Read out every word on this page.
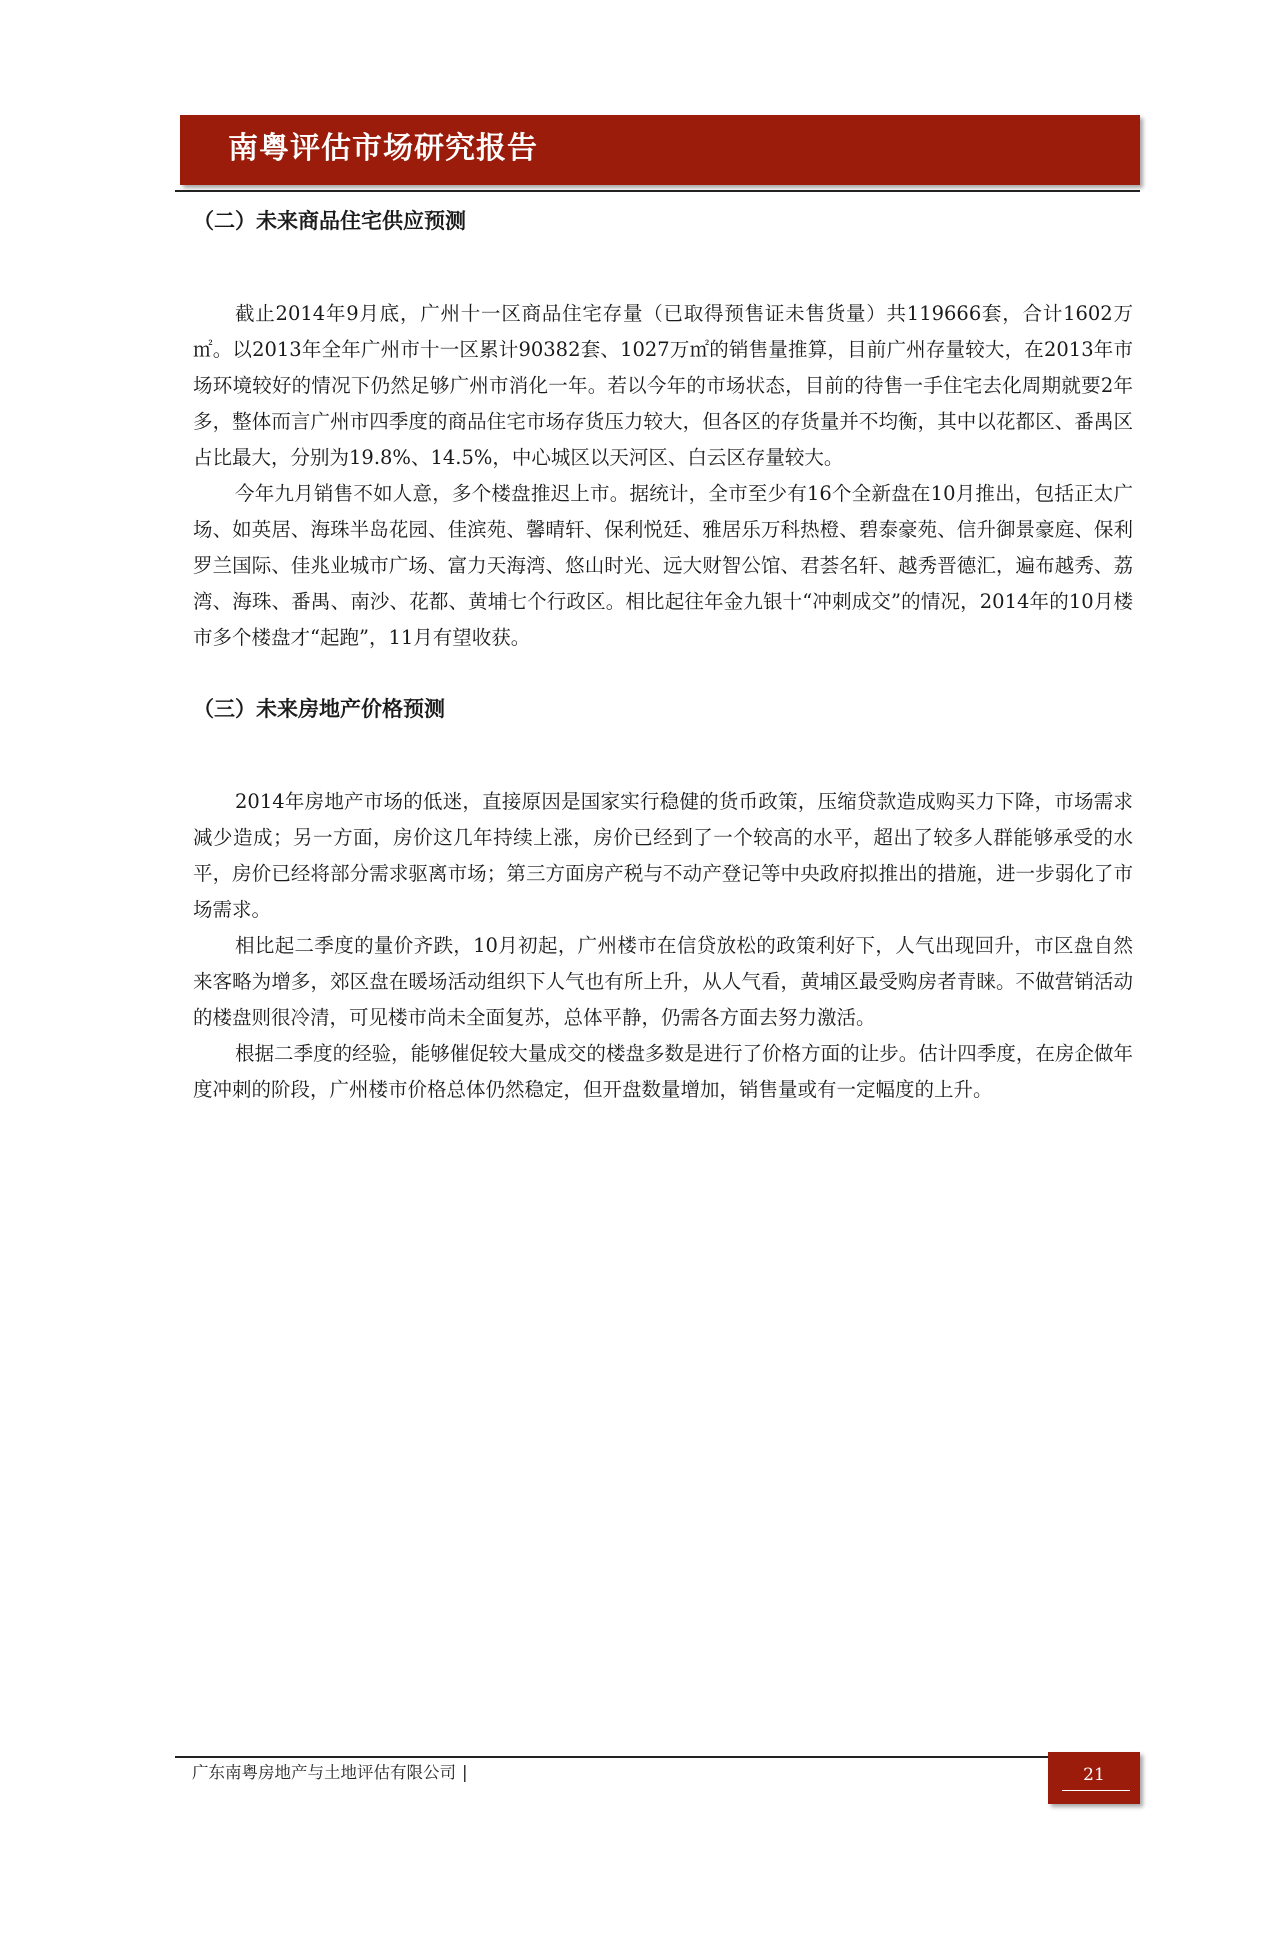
南粤评估市场研究报告
（二）未来商品住宅供应预测

截止2014年9月底，广州十一区商品住宅存量（已取得预售证未售货量）共119666套，合计1602万㎡。以2013年全年广州市十一区累计90382套、1027万㎡的销售量推算，目前广州存量较大，在2013年市场环境较好的情况下仍然足够广州市消化一年。若以今年的市场状态，目前的待售一手住宅去化周期就要2年多，整体而言广州市四季度的商品住宅市场存货压力较大，但各区的存货量并不均衡，其中以花都区、番禺区占比最大，分别为19.8%、14.5%，中心城区以天河区、白云区存量较大。

今年九月销售不如人意，多个楼盘推迟上市。据统计，全市至少有16个全新盘在10月推出，包括正太广场、如英居、海珠半岛花园、佳滨苑、馨晴轩、保利悦廷、雅居乐万科热橙、碧泰豪苑、信升御景豪庭、保利罗兰国际、佳兆业城市广场、富力天海湾、悠山时光、远大财智公馆、君荟名轩、越秀晋德汇，遍布越秀、荔湾、海珠、番禺、南沙、花都、黄埔七个行政区。相比起往年金九银十“冲刺成交”的情况，2014年的10月楼市多个楼盘才“起跑”，11月有望收获。

（三）未来房地产价格预测

2014年房地产市场的低迷，直接原因是国家实行稳健的货币政策，压缩贷款造成购买力下降，市场需求减少造成；另一方面，房价这几年持续上涨，房价已经到了一个较高的水平，超出了较多人群能够承受的水平，房价已经将部分需求驱离市场；第三方面房产税与不动产登记等中央政府拟推出的措施，进一步弱化了市场需求。

相比起二季度的量价齐跌，10月初起，广州楼市在信贷放松的政策利好下，人气出现回升，市区盘自然来客略为增多，郊区盘在暖场活动组织下人气也有所上升，从人气看，黄埔区最受购房者青睐。不做营销活动的楼盘则很冷清，可见楼市尚未全面复苏，总体平静，仍需各方面去努力激活。

根据二季度的经验，能够催促较大量成交的楼盘多数是进行了价格方面的让步。估计四季度，在房企做年度冲刺的阶段，广州楼市价格总体仍然稳定，但开盘数量增加，销售量或有一定幅度的上升。

广东南粤房地产与土地评估有限公司 |	21
